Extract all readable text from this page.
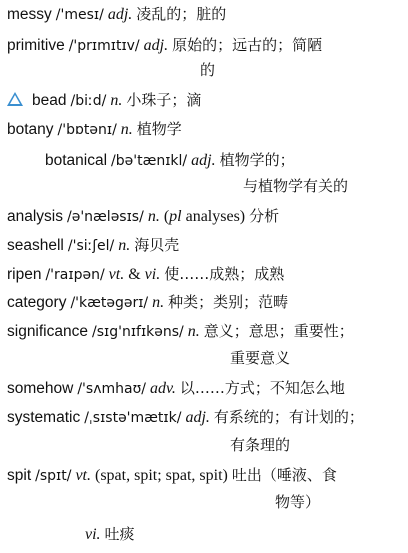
messy /'mesɪ/ adj. 凌乱的；脏的
primitive /'prɪmɪtɪv/ adj. 原始的；远古的；简陋
的
bead /biːd/ n. 小珠子；滴
botany /'bɒtənɪ/ n. 植物学
botanical /bə'tænɪkl/ adj. 植物学的；
与植物学有关的
analysis /ə'næləsɪs/ n. (pl analyses) 分析
seashell /'siːʃel/ n. 海贝壳
ripen /'raɪpən/ vt. & vi. 使……成熟；成熟
category /'kætəgərɪ/ n. 种类；类别；范畴
significance /sɪg'nɪfɪkəns/ n. 意义；意思；重要性；
重要意义
somehow /'sʌmhaʊ/ adv. 以……方式；不知怎么地
systematic /ˌsɪstə'mætɪk/ adj. 有系统的；有计划的；
有条理的
spit /spɪt/ vt. (spat, spit; spat, spit) 吐出（唾液、食
物等）
vi. 吐痰
